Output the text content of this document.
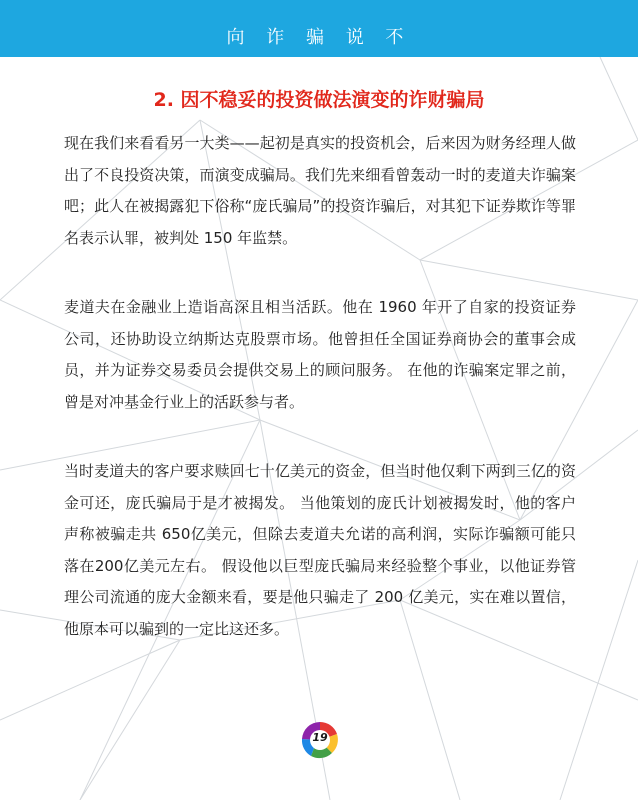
向 诈 骗 说 不
2. 因不稳妥的投资做法演变的诈财骗局

现在我们来看看另一大类——起初是真实的投资机会，后来因为财务经理人做出了不良投资决策，而演变成骗局。我们先来细看曾轰动一时的麦道夫诈骗案吧；此人在被揭露犯下俗称“庞氏骗局”的投资诈骗后，对其犯下证券欺诈等罪名表示认罪，被判处 150 年监禁。

麦道夫在金融业上造诣高深且相当活跃。他在 1960 年开了自家的投资证券公司，还协助设立纳斯达克股票市场。他曾担任全国证券商协会的董事会成员，并为证券交易委员会提供交易上的顾问服务。 在他的诈骗案定罪之前，曾是对冲基金行业上的活跃参与者。

当时麦道夫的客户要求赎回七十亿美元的资金，但当时他仅剩下两到三亿的资金可还，庞氏骗局于是才被揭发。 当他策划的庞氏计划被揭发时，他的客户声称被骗走共 650亿美元，但除去麦道夫允诺的高利润，实际诈骗额可能只落在200亿美元左右。 假设他以巨型庞氏骗局来经验整个事业，以他证券管理公司流通的庞大金额来看，要是他只骗走了 200 亿美元，实在难以置信，他原本可以骗到的一定比这还多。

19
